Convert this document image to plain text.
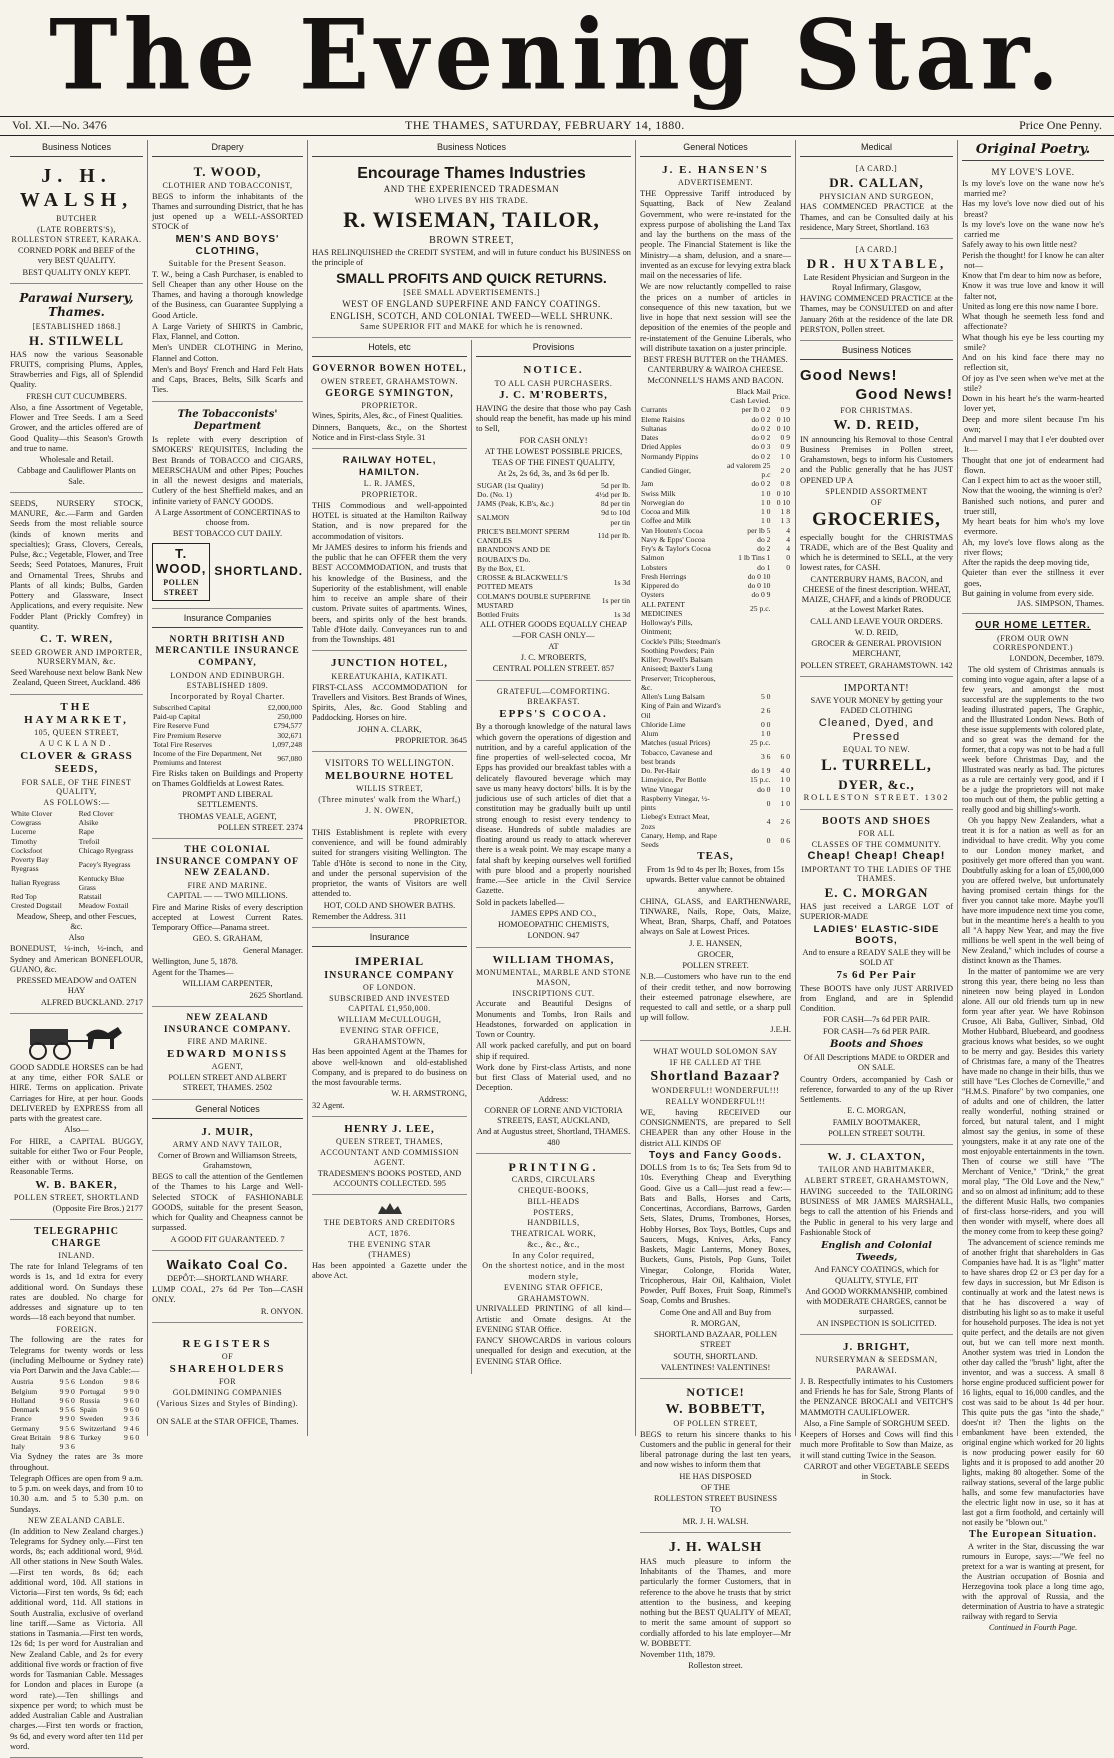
The Evening Star.
Vol. XI.—No. 3476	THE THAMES, SATURDAY, FEBRUARY 14, 1880.	Price One Penny.
Business Notices
J. H. WALSH,
BUTCHER
(LATE ROBERTS'S),
ROLLESTON STREET, KARAKA.

CORNED PORK and BEEF of the very BEST QUALITY.

BEST QUALITY ONLY KEPT.

Parawai Nursery, Thames.
[ESTABLISHED 1868.]
H. STILWELL

HAS now the various Seasonable FRUITS, comprising Plums, Apples, Strawberries and Figs, all of Splendid Quality.

FRESH CUT CUCUMBERS.

Also, a fine Assortment of Vegetable, Flower and Tree Seeds. I am a Seed Grower, and the articles offered are of Good Quality—this Season's Growth and true to name.

Wholesale and Retail.

Cabbage and Cauliflower Plants on Sale.

SEEDS, NURSERY STOCK, MANURE, &c.—Farm and Garden Seeds from the most reliable source (kinds of known merits and specialties); Grass, Clovers, Cereals, Pulse, &c.; Vegetable, Flower, and Tree Seeds; Seed Potatoes, Manures, Fruit and Ornamental Trees, Shrubs and Plants of all kinds; Bulbs, Garden Pottery and Glassware, Insect Applications, and every requisite. New Fodder Plant (Prickly Comfrey) in quantity.

C. T. WREN,
SEED GROWER AND IMPORTER, NURSERYMAN, &c.

Seed Warehouse next below Bank New Zealand, Queen Street, Auckland. 486

THE HAYMARKET,
105, QUEEN STREET,
AUCKLAND.
CLOVER & GRASS SEEDS,
FOR SALE, OF THE FINEST QUALITY,
AS FOLLOWS:—
White Clover	Red Clover
Cowgrass	Alsike
Lucerne	Rape
Timothy	Trefoil
Cocksfoot	Chicago Ryegrass
Poverty Bay Ryegrass	Pacey's Ryegrass
Italian Ryegrass	Kentucky Blue Grass
Red Top	Ratstail
Crested Dogstail	Meadow Foxtail

Meadow, Sheep, and other Fescues, &c.

Also

BONEDUST, ¼-inch, ½-inch, and Sydney and American BONEFLOUR, GUANO, &c.

PRESSED MEADOW and OATEN HAY

ALFRED BUCKLAND. 2717

GOOD SADDLE HORSES can be had at any time, either FOR SALE or HIRE. Terms on application. Private Carriages for Hire, at per hour. Goods DELIVERED by EXPRESS from all parts with the greatest care.

Also—

For HIRE, a CAPITAL BUGGY, suitable for either Two or Four People, either with or without Horse, on Reasonable Terms.

W. B. BAKER,
POLLEN STREET, SHORTLAND

(Opposite Fire Bros.) 2177

TELEGRAPHIC CHARGE
INLAND.

The rate for Inland Telegrams of ten words is 1s, and 1d extra for every additional word. On Sundays these rates are doubled. No charge for addresses and signature up to ten words—18 each beyond that number.

FOREIGN.

The following are the rates for Telegrams for twenty words or less (including Melbourne or Sydney rate) via Port Darwin and the Java Cable:—

Austria	9 5 6	London	9 8 6
Belgium	9 9 0	Portugal	9 9 0
Holland	9 6 0	Russia	9 6 0
Denmark	9 5 6	Spain	9 6 0
France	9 9 0	Sweden	9 3 6
Germany	9 5 6	Switzerland	9 4 6
Great Britain	9 8 6	Turkey	9 6 0
Italy	9 3 6		

Via Sydney the rates are 3s more throughout.

Telegraph Offices are open from 9 a.m. to 5 p.m. on week days, and from 10 to 10.30 a.m. and 5 to 5.30 p.m. on Sundays.

NEW ZEALAND CABLE.

(In addition to New Zealand charges.) Telegrams for Sydney only.—First ten words, 8s; each additional word, 9½d. All other stations in New South Wales.—First ten words, 8s 6d; each additional word, 10d. All stations in Victoria—First ten words, 9s 6d; each additional word, 11d. All stations in South Australia, exclusive of overland line tariff.—Same as Victoria. All stations in Tasmania.—First ten words, 12s 6d; 1s per word for Australian and New Zealand Cable, and 2s for every additional five words or fraction of five words for Tasmanian Cable. Messages for London and places in Europe (a word rate).—Ten shillings and sixpence per word; to which must be added Australian Cable and Australian charges.—First ten words or fraction, 9s 6d, and every word after ten 11d per word.

Drapery
T. WOOD,
CLOTHIER AND TOBACCONIST,

BEGS to inform the inhabitants of the Thames and surrounding District, that he has just opened up a WELL-ASSORTED STOCK of

MEN'S AND BOYS' CLOTHING,
Suitable for the Present Season.

T. W., being a Cash Purchaser, is enabled to Sell Cheaper than any other House on the Thames, and having a thorough knowledge of the Business, can Guarantee Supplying a Good Article.

A Large Variety of SHIRTS in Cambric, Flax, Flannel, and Cotton.

Men's UNDER CLOTHING in Merino, Flannel and Cotton.

Men's and Boys' French and Hard Felt Hats and Caps, Braces, Belts, Silk Scarfs and Ties.

The Tobacconists' Department

Is replete with every description of SMOKERS' REQUISITES, Including the Best Brands of TOBACCO and CIGARS, MEERSCHAUM and other Pipes; Pouches in all the newest designs and materials, Cutlery of the best Sheffield makes, and an infinite variety of FANCY GOODS.

A Large Assortment of CONCERTINAS to choose from.

BEST TOBACCO CUT DAILY.

T. WOOD,
POLLEN STREET
SHORTLAND.
Insurance Companies
NORTH BRITISH AND MERCANTILE INSURANCE COMPANY,
LONDON AND EDINBURGH.
ESTABLISHED 1809.
Incorporated by Royal Charter.
Subscribed Capital	£2,000,000
Paid-up Capital	250,000
Fire Reserve Fund	£794,577
Fire Premium Reserve	302,671
Total Fire Reserves	1,097,248
Income of the Fire Department, Net Premiums and Interest	967,080

Fire Risks taken on Buildings and Property on Thames Goldfields at Lowest Rates.

PROMPT AND LIBERAL SETTLEMENTS.

THOMAS VEALE, AGENT,

POLLEN STREET. 2374

THE COLONIAL INSURANCE COMPANY OF NEW ZEALAND.
FIRE AND MARINE.

CAPITAL — — TWO MILLIONS.

Fire and Marine Risks of every description accepted at Lowest Current Rates. Temporary Office—Panama street.

GEO. S. GRAHAM,

General Manager.

Wellington, June 5, 1878.

Agent for the Thames—

WILLIAM CARPENTER,

2625 Shortland.

NEW ZEALAND INSURANCE COMPANY.
FIRE AND MARINE.
EDWARD MONISS
AGENT,

POLLEN STREET AND ALBERT STREET, THAMES. 2502

General Notices
J. MUIR,
ARMY AND NAVY TAILOR,

Corner of Brown and Williamson Streets, Grahamstown,

BEGS to call the attention of the Gentlemen of the Thames to his Large and Well-Selected STOCK of FASHIONABLE GOODS, suitable for the present Season, which for Quality and Cheapness cannot be surpassed.

A GOOD FIT GUARANTEED. 7

Waikato Coal Co.

DEPÔT:—SHORTLAND WHARF.

LUMP COAL, 27s 6d Per Ton—CASH ONLY.

R. ONYON.

REGISTERS
OF
SHAREHOLDERS
FOR
GOLDMINING COMPANIES
(Various Sizes and Styles of Binding).

ON SALE at the STAR OFFICE, Thames.

Business Notices
Encourage Thames Industries
AND THE EXPERIENCED TRADESMAN
WHO LIVES BY HIS TRADE.
R. WISEMAN, TAILOR,
BROWN STREET,

HAS RELINQUISHED the CREDIT SYSTEM, and will in future conduct his BUSINESS on the principle of

SMALL PROFITS AND QUICK RETURNS.
[SEE SMALL ADVERTISEMENTS.]
WEST OF ENGLAND SUPERFINE AND FANCY COATINGS.
ENGLISH, SCOTCH, AND COLONIAL TWEED—WELL SHRUNK.
Same SUPERIOR FIT and MAKE for which he is renowned.
Hotels, etc
GOVERNOR BOWEN HOTEL,
OWEN STREET, GRAHAMSTOWN.
GEORGE SYMINGTON,
PROPRIETOR.

Wines, Spirits, Ales, &c., of Finest Qualities.

Dinners, Banquets, &c., on the Shortest Notice and in First-class Style. 31

RAILWAY HOTEL, HAMILTON.
L. R. JAMES,
PROPRIETOR.

THIS Commodious and well-appointed HOTEL is situated at the Hamilton Railway Station, and is now prepared for the accommodation of visitors.

Mr JAMES desires to inform his friends and the public that he can OFFER them the very BEST ACCOMMODATION, and trusts that his knowledge of the Business, and the Superiority of the establishment, will enable him to receive an ample share of their custom. Private suites of apartments. Wines, beers, and spirits only of the best brands. Table d'Hote daily. Conveyances run to and from the Townships. 481

JUNCTION HOTEL,
KEREATUKAHIA, KATIKATI.

FIRST-CLASS ACCOMMODATION for Travellers and Visitors. Best Brands of Wines, Spirits, Ales, &c. Good Stabling and Paddocking. Horses on hire.

JOHN A. CLARK,

PROPRIETOR. 3645

VISITORS TO WELLINGTON.
MELBOURNE HOTEL
WILLIS STREET,
(Three minutes' walk from the Wharf,)
J. N. OWEN,

PROPRIETOR.

THIS Establishment is replete with every convenience, and will be found admirably suited for strangers visiting Wellington. The Table d'Hôte is second to none in the City, and under the personal supervision of the proprietor, the wants of Visitors are well attended to.

HOT, COLD AND SHOWER BATHS.

Remember the Address. 311

Insurance
IMPERIAL
INSURANCE COMPANY
OF LONDON.
SUBSCRIBED AND INVESTED
CAPITAL £1,950,000.
WILLIAM McCULLOUGH,
EVENING STAR OFFICE,
GRAHAMSTOWN,

Has been appointed Agent at the Thames for above well-known and old-established Company, and is prepared to do business on the most favourable terms.

W. H. ARMSTRONG,

32 Agent.

HENRY J. LEE,
QUEEN STREET, THAMES,
ACCOUNTANT AND COMMISSION AGENT.

TRADESMEN'S BOOKS POSTED, AND ACCOUNTS COLLECTED. 595

THE DEBTORS AND CREDITORS
ACT, 1876.
THE EVENING STAR
(THAMES)

Has been appointed a Gazette under the above Act.

Provisions
NOTICE.
TO ALL CASH PURCHASERS.
J. C. M'ROBERTS,

HAVING the desire that those who pay Cash should reap the benefit, has made up his mind to Sell,

FOR CASH ONLY!

AT THE LOWEST POSSIBLE PRICES,

TEAS OF THE FINEST QUALITY,

At 2s, 2s 6d, 3s, and 3s 6d per lb.

SUGAR (1st Quality)	5d per lb.
Do. (No. 1)	4½d per lb.
JAMS (Peak, K.B's, &c.)	8d per tin
SALMON	9d to 10d per tin
PRICE'S BELMONT SPERM CANDLES	11d per lb.
BRANDON'S AND DE ROUBAIX'S Do.	
By the Box, £1.	
CROSSE & BLACKWELL'S POTTED MEATS	1s 3d
COLMAN'S DOUBLE SUPERFINE MUSTARD	1s per tin
Bottled Fruits	1s 3d

ALL OTHER GOODS EQUALLY CHEAP —FOR CASH ONLY—

AT

J. C. M'ROBERTS,

CENTRAL POLLEN STREET. 857

GRATEFUL—COMFORTING.
BREAKFAST.
EPPS'S COCOA.

By a thorough knowledge of the natural laws which govern the operations of digestion and nutrition, and by a careful application of the fine properties of well-selected cocoa, Mr Epps has provided our breakfast tables with a delicately flavoured beverage which may save us many heavy doctors' bills. It is by the judicious use of such articles of diet that a constitution may be gradually built up until strong enough to resist every tendency to disease. Hundreds of subtle maladies are floating around us ready to attack wherever there is a weak point. We may escape many a fatal shaft by keeping ourselves well fortified with pure blood and a properly nourished frame.—See article in the Civil Service Gazette.

Sold in packets labelled—

JAMES EPPS AND CO.,

HOMOEOPATHIC CHEMISTS,

LONDON. 947

WILLIAM THOMAS,
MONUMENTAL, MARBLE AND STONE MASON,
INSCRIPTIONS CUT.

Accurate and Beautiful Designs of Monuments and Tombs, Iron Rails and Headstones, forwarded on application in Town or Country.

All work packed carefully, and put on board ship if required.

Work done by First-class Artists, and none but first Class of Material used, and no Deception.

Address:

CORNER OF LORNE AND VICTORIA STREETS, EAST, AUCKLAND,

And at Augustus street, Shortland, THAMES. 480

PRINTING.
CARDS, CIRCULARS
CHEQUE-BOOKS,
BILL-HEADS
POSTERS,
HANDBILLS,
THEATRICAL WORK,
&c., &c., &c.,
In any Color required,
On the shortest notice, and in the most
modern style,
EVENING STAR OFFICE,
GRAHAMSTOWN.

UNRIVALLED PRINTING of all kind—Artistic and Ornate designs. At the EVENING STAR Office.

FANCY SHOWCARDS in various colours unequalled for design and execution, at the EVENING STAR Office.

General Notices
J. E. HANSEN'S
ADVERTISEMENT.

THE Oppressive Tariff introduced by Squatting, Back of New Zealand Government, who were re-instated for the express purpose of abolishing the Land Tax and lay the burthens on the mass of the people. The Financial Statement is like the Ministry—a sham, delusion, and a snare—invented as an excuse for levying extra black mail on the necessaries of life.

We are now reluctantly compelled to raise the prices on a number of articles in consequence of this new taxation, but we live in hope that next session will see the deposition of the enemies of the people and re-instatement of the Genuine Liberals, who will distribute taxation on a juster principle.

BEST FRESH BUTTER on the THAMES. CANTERBURY & WAIROA CHEESE. McCONNELL'S HAMS AND BACON.

	Black Mail Cash Levied.	Price.
Currants	per lb 0 2	0 9
Eleme Raisins	do 0 2	0 10
Sultanas	do 0 2	0 10
Dates	do 0 2	0 9
Dried Apples	do 0 3	0 9
Normandy Pippins	do 0 2	1 0
Candied Ginger,	ad valorem 25 p.c	2 0
Jam	do 0 2	0 8
Swiss Milk	1 0	0 10
Norwegian do	1 0	0 10
Cocoa and Milk	1 0	1 8
Coffee and Milk	1 0	1 3
Van Houten's Cocoa	per lb 5	4
Navy & Epps' Cocoa	do 2	4
Fry's & Taylor's Cocoa	do 2	4
Salmon	1 lb Tins 1	0
Lobsters	do 1	0
Fresh Herrings	do 0 10	
Kippered do	do 0 10	
Oysters	do 0 9	
ALL PATENT MEDICINES	25 p.c.	
Holloway's Pills, Ointment;		
Cockle's Pills; Steedman's		
Soothing Powders; Pain Killer; Powell's Balsam		
Aniseed; Baxter's Lung		
Preserver; Tricopherous, &c.		
Allen's Lung Balsam	5 0	
King of Pain and Wizard's Oil	2 6	
Chloride Lime	0 0	
Alum	1 0	
Matches (usual Prices)	25 p.c.	
Tobacco, Cavanese and best brands	3 6	6 0
Do. Per-Hair	do 1 9	4 0
Limejuice, Per Bottle	15 p.c.	1 0
Wine Vinegar	do 0	1 0
Raspberry Vinegar, ½-pints	0	1 0
Liebeg's Extract Meat, 2ozs	4	2 6
Canary, Hemp, and Rape Seeds	0	0 6
TEAS,

From 1s 9d to 4s per lb; Boxes, from 15s upwards. Better value cannot be obtained anywhere.

CHINA, GLASS, and EARTHENWARE, TINWARE, Nails, Rope, Oats, Maize, Wheat, Bran, Sharps, Chaff, and Potatoes always on Sale at Lowest Prices.

J. E. HANSEN,

GROCER,

POLLEN STREET.

N.B.—Customers who have run to the end of their credit tether, and now borrowing their esteemed patronage elsewhere, are requested to call and settle, or a sharp pull up will follow.

J.E.H.

WHAT WOULD SOLOMON SAY
IF HE CALLED AT THE
Shortland Bazaar?
WONDERFUL!! WONDERFUL!!!
REALLY WONDERFUL!!!

WE, having RECEIVED our CONSIGNMENTS, are prepared to Sell CHEAPER than any other House in the district ALL KINDS OF

Toys and Fancy Goods.

DOLLS from 1s to 6s; Tea Sets from 9d to 10s. Everything Cheap and Everything Good. Give us a Call—just read a few:—Bats and Balls, Horses and Carts, Concertinas, Accordians, Barrows, Garden Sets, Slates, Drums, Trombones, Horses, Hobby Horses, Box Toys, Bottles, Cups and Saucers, Mugs, Knives, Arks, Fancy Baskets, Magic Lanterns, Money Boxes, Buckets, Guns, Pistols, Pop Guns, Toilet Vinegar, Colonge, Florida Water, Tricopherous, Hair Oil, Kalthaion, Violet Powder, Puff Boxes, Fruit Soap, Rimmel's Soap, Combs and Brushes.

Come One and All and Buy from

R. MORGAN,

SHORTLAND BAZAAR, POLLEN STREET

SOUTH, SHORTLAND.

VALENTINES! VALENTINES!

NOTICE!
W. BOBBETT,
OF POLLEN STREET,

BEGS to return his sincere thanks to his Customers and the public in general for their liberal patronage during the last ten years, and now wishes to inform them that

HE HAS DISPOSED

OF THE

ROLLESTON STREET BUSINESS

TO

MR. J. H. WALSH.

J. H. WALSH

HAS much pleasure to inform the Inhabitants of the Thames, and more particularly the former Customers, that in reference to the above he trusts that by strict attention to the business, and keeping nothing but the BEST QUALITY of MEAT, to merit the same amount of support so cordially afforded to his late employer—Mr W. BOBBETT.

November 11th, 1879.

Rolleston street.

Medical
[A CARD.]
DR. CALLAN,
PHYSICIAN AND SURGEON,

HAS COMMENCED PRACTICE at the Thames, and can be Consulted daily at his residence, Mary Street, Shortland. 163

[A CARD.]
DR. HUXTABLE,

Late Resident Physician and Surgeon in the Royal Infirmary, Glasgow,

HAVING COMMENCED PRACTICE at the Thames, may be CONSULTED on and after January 26th at the residence of the late DR PERSTON, Pollen street.

Business Notices
Good News!
Good News!
FOR CHRISTMAS.
W. D. REID,

IN announcing his Removal to those Central Business Premises in Pollen street, Grahamstown, begs to inform his Customers and the Public generally that he has JUST OPENED UP A

SPLENDID ASSORTMENT
OF
GROCERIES,

especially bought for the CHRISTMAS TRADE, which are of the Best Quality and which he is determined to SELL, at the very lowest rates, for CASH.

CANTERBURY HAMS, BACON, and CHEESE of the finest description. WHEAT, MAIZE, CHAFF, and a kinds of PRODUCE at the Lowest Market Rates.

CALL AND LEAVE YOUR ORDERS.

W. D. REID,

GROCER & GENERAL PROVISION MERCHANT,

POLLEN STREET, GRAHAMSTOWN. 142

IMPORTANT!

SAVE YOUR MONEY by getting your FADED CLOTHING

Cleaned, Dyed, and Pressed
EQUAL TO NEW.
L. TURRELL,
DYER, &c.,

ROLLESTON STREET. 1302

BOOTS AND SHOES
FOR ALL
CLASSES OF THE COMMUNITY.
Cheap! Cheap! Cheap!
IMPORTANT TO THE LADIES OF THE THAMES.
E. C. MORGAN

HAS just received a LARGE LOT of SUPERIOR-MADE

LADIES' ELASTIC-SIDE BOOTS,

And to ensure a READY SALE they will be SOLD AT

7s 6d Per Pair

These BOOTS have only JUST ARRIVED from England, and are in Splendid Condition.

FOR CASH—7s 6d PER PAIR.

FOR CASH—7s 6d PER PAIR.

Boots and Shoes

Of All Descriptions MADE to ORDER and ON SALE.

Country Orders, accompanied by Cash or reference, forwarded to any of the up River Settlements.

E. C. MORGAN,

FAMILY BOOTMAKER,

POLLEN STREET SOUTH.

W. J. CLAXTON,
TAILOR AND HABITMAKER,
ALBERT STREET, GRAHAMSTOWN,

HAVING succeeded to the TAILORING BUSINESS of MR JAMES MARSHALL, begs to call the attention of his Friends and the Public in general to his very large and Fashionable Stock of

English and Colonial Tweeds,

And FANCY COATINGS, which for QUALITY, STYLE, FIT

And GOOD WORKMANSHIP, combined with MODERATE CHARGES, cannot be surpassed.

AN INSPECTION IS SOLICITED.

J. BRIGHT,
NURSERYMAN & SEEDSMAN,
PARAWAI.

J. B. Respectfully intimates to his Customers and Friends he has for Sale, Strong Plants of the PENZANCE BROCALI and VEITCH'S MAMMOTH CAULIFLOWER.

Also, a Fine Sample of SORGHUM SEED.

Keepers of Horses and Cows will find this much more Profitable to Sow than Maize, as it will stand cutting Twice in the Season.

CARROT and other VEGETABLE SEEDS in Stock.

Original Poetry.
MY LOVE'S LOVE.

Is my love's love on the wane now he's married me?

Has my love's love now died out of his breast?

Is my love's love on the wane now he's carried me

Safely away to his own little nest?

Perish the thought! for I know he can alter not—

Know that I'm dear to him now as before,

Know it was true love and know it will falter not,

United as long ere this now name I bore.

What though he seemeth less fond and affectionate?

What though his eye be less courting my smile?

And on his kind face there may no reflection sit,

Of joy as I've seen when we've met at the stile?

Down in his heart he's the warm-hearted lover yet,

Deep and more silent because I'm his own;

And marvel I may that I e'er doubted over It—

Thought that one jot of endearment had flown.

Can I expect him to act as the wooer still,

Now that the wooing, the winning is o'er?

Banished such notions, and purer and truer still,

My heart beats for him who's my love evermore.

Ah, my love's love flows along as the river flows;

After the rapids the deep moving tide,

Quieter than ever the stillness it ever goes,

But gaining in volume from every side.

JAS. SIMPSON, Thames.

OUR HOME LETTER.
(FROM OUR OWN CORRESPONDENT.)

LONDON, December, 1879.

The old system of Christmas annuals is coming into vogue again, after a lapse of a few years, and amongst the most successful are the supplements to the two leading illustrated papers, The Graphic, and the Illustrated London News. Both of these issue supplements with colored plate, and so great was the demand for the former, that a copy was not to be had a full week before Christmas Day, and the Illustrated was nearly as bad. The pictures as a rule are certainly very good, and if I be a judge the proprietors will not make too much out of them, the public getting a really good and big shilling's-worth.

Oh you happy New Zealanders, what a treat it is for a nation as well as for an individual to have credit. Why you come to our London money market, and positively get more offered than you want. Doubtfully asking for a loan of £5,000,000 you are offered twelve, but unfortunately having promised certain things for the fiver you cannot take more. Maybe you'll have more impudence next time you come, but in the meantime here's a health to you all "A happy New Year, and may the five millions be well spent in the well being of New Zealand," which includes of course a distinct known as the Thames.

In the matter of pantomime we are very strong this year, there being no less than nineteen now being played in London alone. All our old friends turn up in new form year after year. We have Robinson Crusoe, Ali Baba, Gulliver, Sinbad, Old Mother Hubbard, Bluebeard, and goodness gracious knows what besides, so we ought to be merry and gay. Besides this variety of Christmas fare, a many of the Theatres have made no change in their bills, thus we still have "Les Cloches de Corneville," and "H.M.S. Pinafore" by two companies, one of adults and one of children, the latter really wonderful, nothing strained or forced, but natural talent, and I might almost say the genius, in some of these youngsters, make it at any rate one of the most enjoyable entertainments in the town. Then of course we still have "The Merchant of Venice," "Drink," the great moral play, "The Old Love and the New," and so on almost ad infinitum; add to these the different Music Halls, two companies of first-class horse-riders, and you will then wonder with myself, where does all the money come from to keep these going?

The advancement of science reminds me of another fright that shareholders in Gas Companies have had. It is as "light" matter to have shares drop £2 or £3 per day for a few days in succession, but Mr Edison is continually at work and the latest news is that he has discovered a way of distributing his light so as to make it useful for household purposes. The idea is not yet quite perfect, and the details are not given out, but we can tell more next month. Another system was tried in London the other day called the "brush" light, after the inventor, and was a success. A small 8 horse engine produced sufficient power for 16 lights, equal to 16,000 candles, and the cost was said to be about 1s 4d per hour. This quite puts the gas "into the shade," does'nt it? Then the lights on the embankment have been extended, the original engine which worked for 20 lights is now producing power easily for 60 lights and it is proposed to add another 20 lights, making 80 altogether. Some of the railway stations, several of the large public halls, and some few manufactories have the electric light now in use, so it has at last got a firm foothold, and certainly will not easily be "blown out."

The European Situation.

A writer in the Star, discussing the war rumours in Europe, says:—"We feel no pretext for a war is wanting at present, for the Austrian occupation of Bosnia and Herzegovina took place a long time ago, with the approval of Russia, and the determination of Austria to have a strategic railway with regard to Servia

Continued in Fourth Page.
